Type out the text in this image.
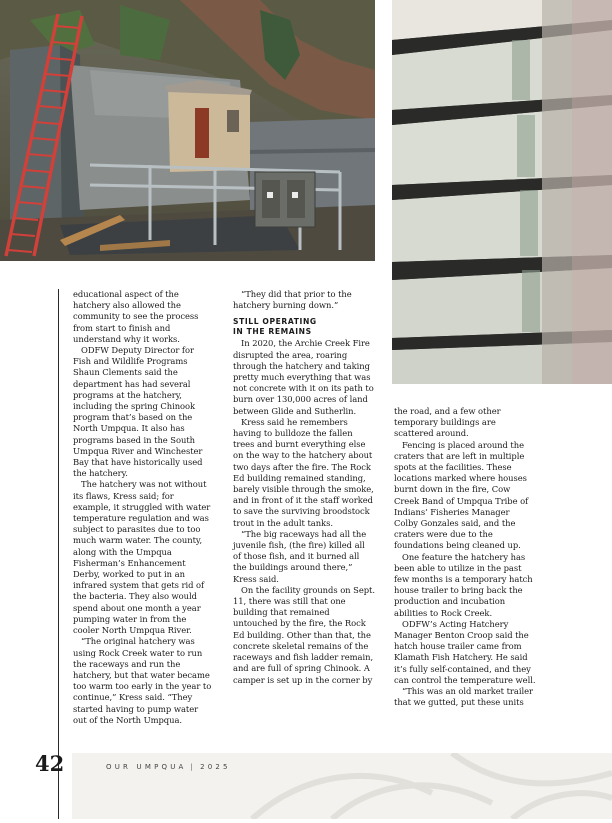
educational aspect of the hatchery also allowed the community to see the process from start to finish and understand why it works.

ODFW Deputy Director for Fish and Wildlife Programs Shaun Clements said the department has had several programs at the hatchery, including the spring Chinook program that’s based on the North Umpqua. It also has programs based in the South Umpqua River and Winchester Bay that have historically used the hatchery.

The hatchery was not without its flaws, Kress said; for example, it struggled with water temperature regulation and was subject to parasites due to too much warm water. The county, along with the Umpqua Fisherman’s Enhancement Derby, worked to put in an infrared system that gets rid of the bacteria. They also would spend about one month a year pumping water in from the cooler North Umpqua River.

“The original hatchery was using Rock Creek water to run the raceways and run the hatchery, but that water became too warm too early in the year to continue,” Kress said. “They started having to pump water out of the North Umpqua.

“They did that prior to the hatchery burning down.”

STILL OPERATING
IN THE REMAINS

In 2020, the Archie Creek Fire disrupted the area, roaring through the hatchery and taking pretty much everything that was not concrete with it on its path to burn over 130,000 acres of land between Glide and Sutherlin.

Kress said he remembers having to bulldoze the fallen trees and burnt everything else on the way to the hatchery about two days after the fire. The Rock Ed building remained standing, barely visible through the smoke, and in front of it the staff worked to save the surviving broodstock trout in the adult tanks.

“The big raceways had all the juvenile fish, (the fire) killed all of those fish, and it burned all the buildings around there,” Kress said.

On the facility grounds on Sept. 11, there was still that one building that remained untouched by the fire, the Rock Ed building. Other than that, the concrete skeletal remains of the raceways and fish ladder remain, and are full of spring Chinook. A camper is set up in the corner by

the road, and a few other temporary buildings are scattered around.

Fencing is placed around the craters that are left in multiple spots at the facilities. These locations marked where houses burnt down in the fire, Cow Creek Band of Umpqua Tribe of Indians’ Fisheries Manager Colby Gonzales said, and the craters were due to the foundations being cleaned up.

One feature the hatchery has been able to utilize in the past few months is a temporary hatch house trailer to bring back the production and incubation abilities to Rock Creek.

ODFW’s Acting Hatchery Manager Benton Croop said the hatch house trailer came from Klamath Fish Hatchery. He said it’s fully self-contained, and they can control the temperature well.

“This was an old market trailer that we gutted, put these units

42	OUR UMPQUA | 2025
